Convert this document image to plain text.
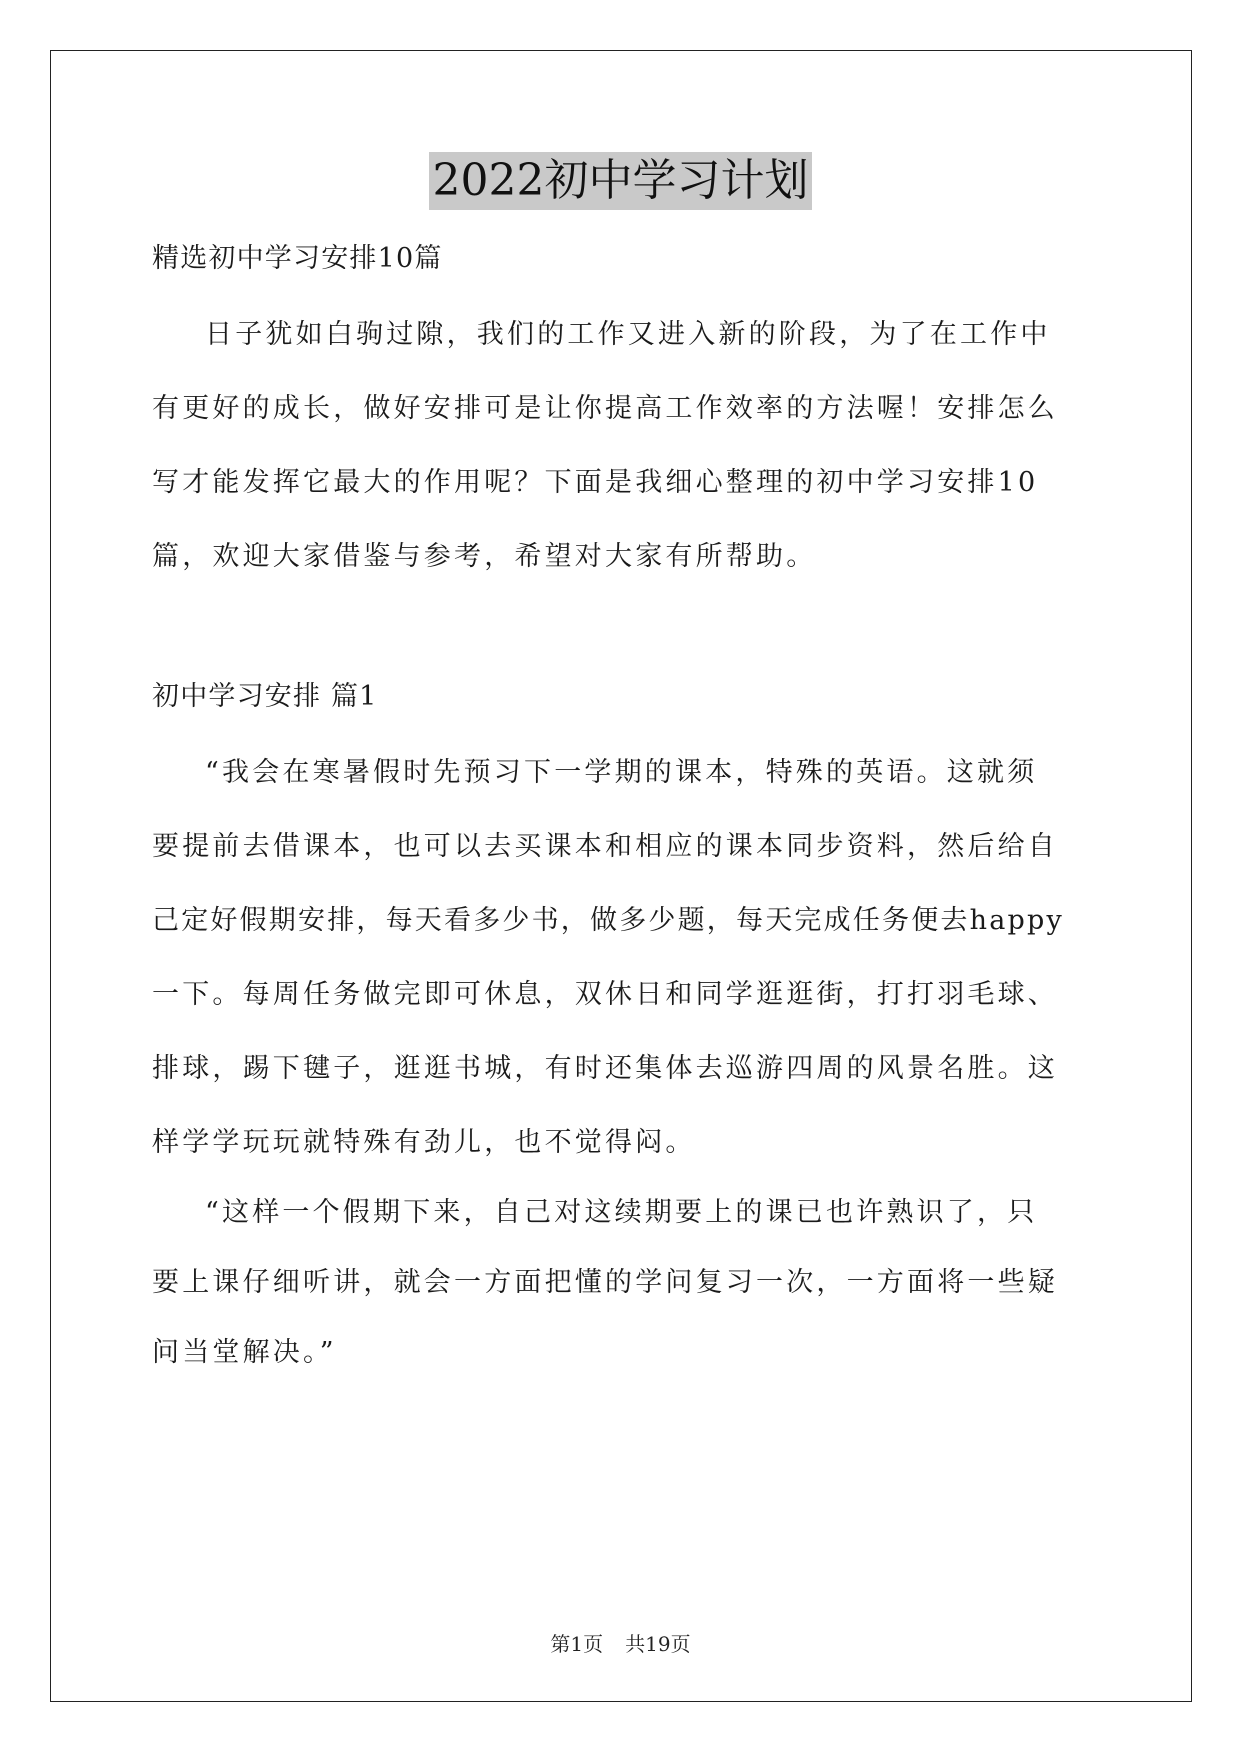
2022初中学习计划
精选初中学习安排10篇
日子犹如白驹过隙，我们的工作又进入新的阶段，为了在工作中
有更好的成长，做好安排可是让你提高工作效率的方法喔！安排怎么
写才能发挥它最大的作用呢？下面是我细心整理的初中学习安排10
篇，欢迎大家借鉴与参考，希望对大家有所帮助。
初中学习安排 篇1
“我会在寒暑假时先预习下一学期的课本，特殊的英语。这就须
要提前去借课本，也可以去买课本和相应的课本同步资料，然后给自
己定好假期安排，每天看多少书，做多少题，每天完成任务便去happy
一下。每周任务做完即可休息，双休日和同学逛逛街，打打羽毛球、
排球，踢下毽子，逛逛书城，有时还集体去巡游四周的风景名胜。这
样学学玩玩就特殊有劲儿，也不觉得闷。
“这样一个假期下来，自己对这续期要上的课已也许熟识了，只
要上课仔细听讲，就会一方面把懂的学问复习一次，一方面将一些疑
问当堂解决。”
第1页 共19页
